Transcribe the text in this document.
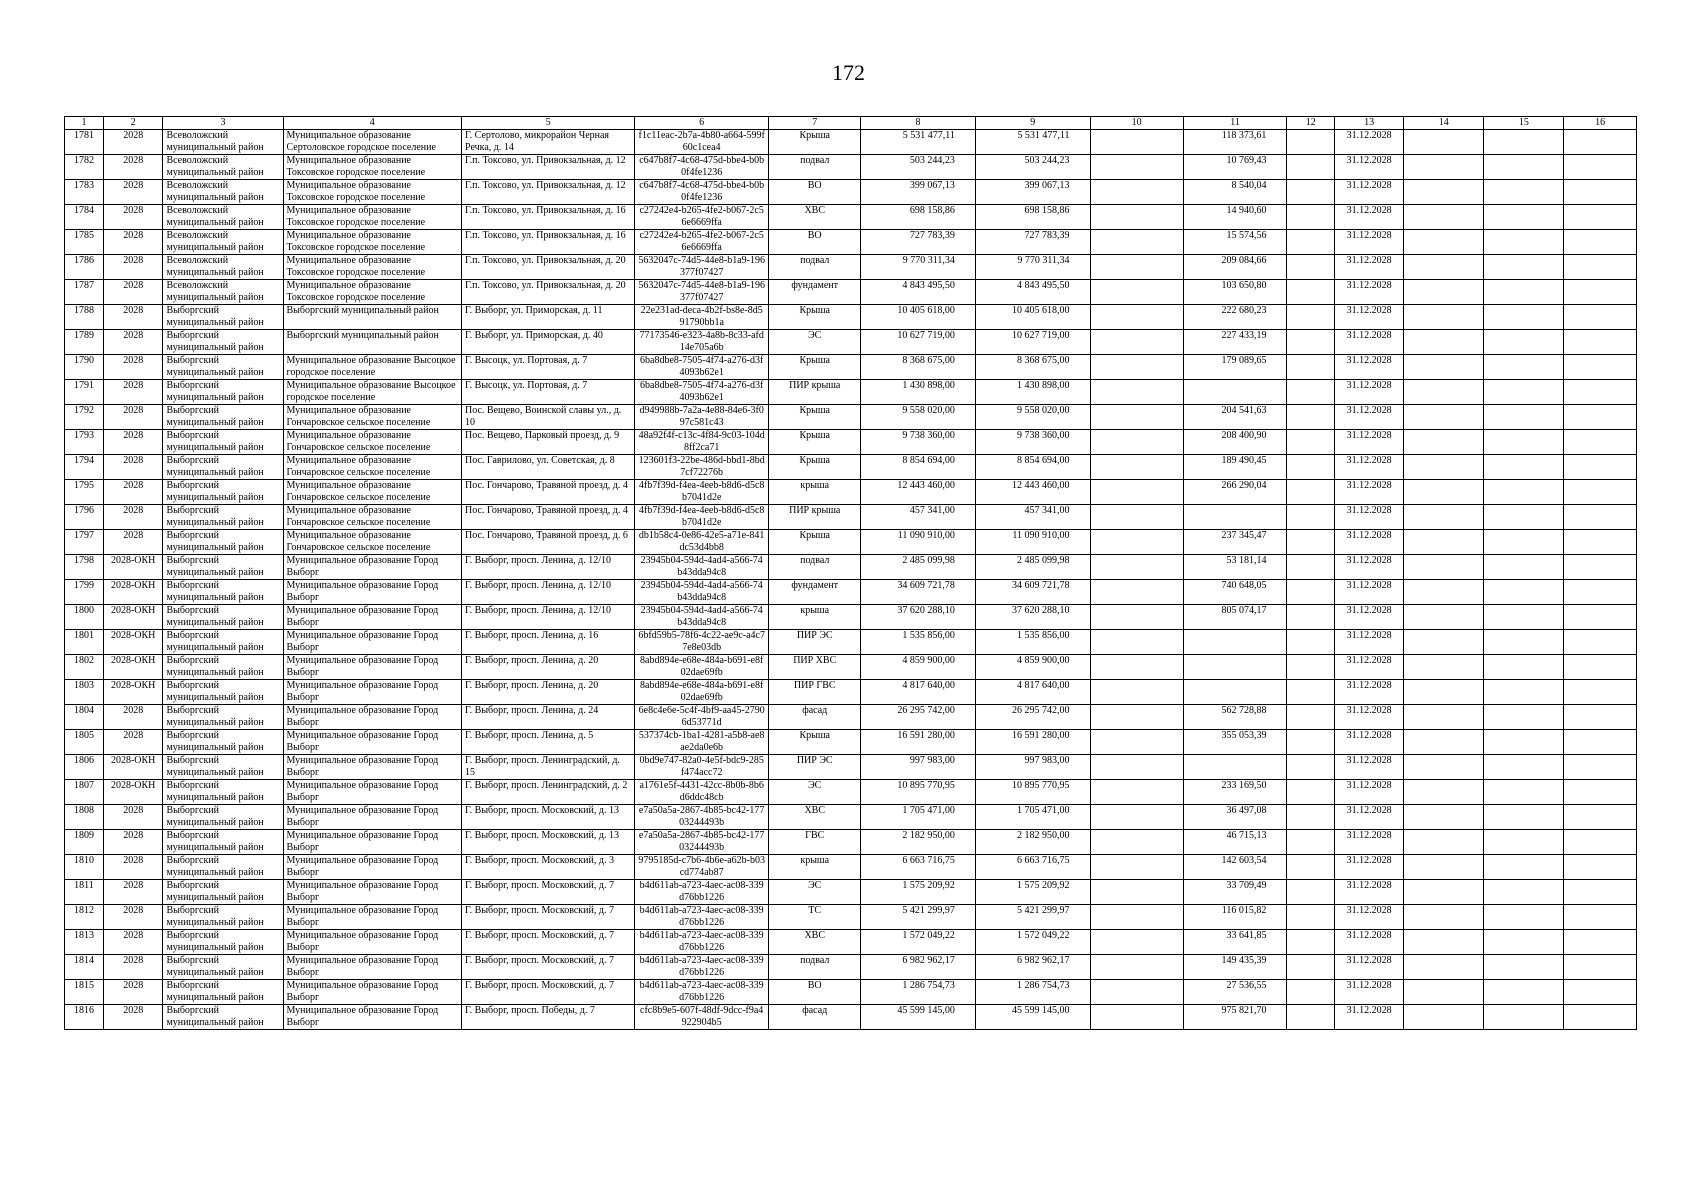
172
1	2	3	4	5	6	7	8	9	10	11	12	13	14	15	16
1781	2028	Всеволожский муниципальный район	Муниципальное образование Сертоловское городское поселение	Г. Сертолово, микрорайон Черная Речка, д. 14	f1c11eac-2b7a-4b80-a664-599f60c1cea4	Крыша	5 531 477,11	5 531 477,11		118 373,61		31.12.2028			
1782	2028	Всеволожский муниципальный район	Муниципальное образование Токсовское городское поселение	Г.п. Токсово, ул. Привокзальная, д. 12	c647b8f7-4c68-475d-bbe4-b0b0f4fe1236	подвал	503 244,23	503 244,23		10 769,43		31.12.2028			
1783	2028	Всеволожский муниципальный район	Муниципальное образование Токсовское городское поселение	Г.п. Токсово, ул. Привокзальная, д. 12	c647b8f7-4c68-475d-bbe4-b0b0f4fe1236	ВО	399 067,13	399 067,13		8 540,04		31.12.2028			
1784	2028	Всеволожский муниципальный район	Муниципальное образование Токсовское городское поселение	Г.п. Токсово, ул. Привокзальная, д. 16	c27242e4-b265-4fe2-b067-2c56e6669ffa	ХВС	698 158,86	698 158,86		14 940,60		31.12.2028			
1785	2028	Всеволожский муниципальный район	Муниципальное образование Токсовское городское поселение	Г.п. Токсово, ул. Привокзальная, д. 16	c27242e4-b265-4fe2-b067-2c56e6669ffa	ВО	727 783,39	727 783,39		15 574,56		31.12.2028			
1786	2028	Всеволожский муниципальный район	Муниципальное образование Токсовское городское поселение	Г.п. Токсово, ул. Привокзальная, д. 20	5632047c-74d5-44e8-b1a9-196377f07427	подвал	9 770 311,34	9 770 311,34		209 084,66		31.12.2028			
1787	2028	Всеволожский муниципальный район	Муниципальное образование Токсовское городское поселение	Г.п. Токсово, ул. Привокзальная, д. 20	5632047c-74d5-44e8-b1a9-196377f07427	фундамент	4 843 495,50	4 843 495,50		103 650,80		31.12.2028			
1788	2028	Выборгский муниципальный район	Выборгский муниципальный район	Г. Выборг, ул. Приморская, д. 11	22e231ad-deca-4b2f-bs8e-8d591790bb1a	Крыша	10 405 618,00	10 405 618,00		222 680,23		31.12.2028			
1789	2028	Выборгский муниципальный район	Выборгский муниципальный район	Г. Выборг, ул. Приморская, д. 40	77173546-e323-4a8b-8c33-afd14e705a6b	ЭС	10 627 719,00	10 627 719,00		227 433,19		31.12.2028			
1790	2028	Выборгский муниципальный район	Муниципальное образование Высоцкое городское поселение	Г. Высоцк, ул. Портовая, д. 7	6ba8dbe8-7505-4f74-a276-d3f4093b62e1	Крыша	8 368 675,00	8 368 675,00		179 089,65		31.12.2028			
1791	2028	Выборгский муниципальный район	Муниципальное образование Высоцкое городское поселение	Г. Высоцк, ул. Портовая, д. 7	6ba8dbe8-7505-4f74-a276-d3f4093b62e1	ПИР крыша	1 430 898,00	1 430 898,00				31.12.2028			
1792	2028	Выборгский муниципальный район	Муниципальное образование Гончаровское сельское поселение	Пос. Вещево, Воинской славы ул., д. 10	d949988b-7a2a-4e88-84e6-3f097c581c43	Крыша	9 558 020,00	9 558 020,00		204 541,63		31.12.2028			
1793	2028	Выборгский муниципальный район	Муниципальное образование Гончаровское сельское поселение	Пос. Вещево, Парковый проезд, д. 9	48a92f4f-c13c-4f84-9c03-104d8ff2ca71	Крыша	9 738 360,00	9 738 360,00		208 400,90		31.12.2028			
1794	2028	Выборгский муниципальный район	Муниципальное образование Гончаровское сельское поселение	Пос. Гаврилово, ул. Советская, д. 8	123601f3-22be-486d-bbd1-8bd7cf72276b	Крыша	8 854 694,00	8 854 694,00		189 490,45		31.12.2028			
1795	2028	Выборгский муниципальный район	Муниципальное образование Гончаровское сельское поселение	Пос. Гончарово, Травяной проезд, д. 4	4fb7f39d-f4ea-4eeb-b8d6-d5c8b7041d2e	крыша	12 443 460,00	12 443 460,00		266 290,04		31.12.2028			
1796	2028	Выборгский муниципальный район	Муниципальное образование Гончаровское сельское поселение	Пос. Гончарово, Травяной проезд, д. 4	4fb7f39d-f4ea-4eeb-b8d6-d5c8b7041d2e	ПИР крыша	457 341,00	457 341,00				31.12.2028			
1797	2028	Выборгский муниципальный район	Муниципальное образование Гончаровское сельское поселение	Пос. Гончарово, Травяной проезд, д. 6	db1b58c4-0e86-42e5-a71e-841dc53d4bb8	Крыша	11 090 910,00	11 090 910,00		237 345,47		31.12.2028			
1798	2028-ОКН	Выборгский муниципальный район	Муниципальное образование Город Выборг	Г. Выборг, просп. Ленина, д. 12/10	23945b04-594d-4ad4-a566-74b43dda94c8	подвал	2 485 099,98	2 485 099,98		53 181,14		31.12.2028			
1799	2028-ОКН	Выборгский муниципальный район	Муниципальное образование Город Выборг	Г. Выборг, просп. Ленина, д. 12/10	23945b04-594d-4ad4-a566-74b43dda94c8	фундамент	34 609 721,78	34 609 721,78		740 648,05		31.12.2028			
1800	2028-ОКН	Выборгский муниципальный район	Муниципальное образование Город Выборг	Г. Выборг, просп. Ленина, д. 12/10	23945b04-594d-4ad4-a566-74b43dda94c8	крыша	37 620 288,10	37 620 288,10		805 074,17		31.12.2028			
1801	2028-ОКН	Выборгский муниципальный район	Муниципальное образование Город Выборг	Г. Выборг, просп. Ленина, д. 16	6bfd59b5-78f6-4c22-ae9c-a4c77e8e03db	ПИР ЭС	1 535 856,00	1 535 856,00				31.12.2028			
1802	2028-ОКН	Выборгский муниципальный район	Муниципальное образование Город Выборг	Г. Выборг, просп. Ленина, д. 20	8abd894e-e68e-484a-b691-e8f02dae69fb	ПИР ХВС	4 859 900,00	4 859 900,00				31.12.2028			
1803	2028-ОКН	Выборгский муниципальный район	Муниципальное образование Город Выборг	Г. Выборг, просп. Ленина, д. 20	8abd894e-e68e-484a-b691-e8f02dae69fb	ПИР ГВС	4 817 640,00	4 817 640,00				31.12.2028			
1804	2028	Выборгский муниципальный район	Муниципальное образование Город Выборг	Г. Выборг, просп. Ленина, д. 24	6e8c4e6e-5c4f-4bf9-aa45-27906d53771d	фасад	26 295 742,00	26 295 742,00		562 728,88		31.12.2028			
1805	2028	Выборгский муниципальный район	Муниципальное образование Город Выборг	Г. Выборг, просп. Ленина, д. 5	537374cb-1ba1-4281-a5b8-ae8ae2da0e6b	Крыша	16 591 280,00	16 591 280,00		355 053,39		31.12.2028			
1806	2028-ОКН	Выборгский муниципальный район	Муниципальное образование Город Выборг	Г. Выборг, просп. Ленинградский, д. 15	0bd9e747-82a0-4e5f-bdc9-285f474acc72	ПИР ЭС	997 983,00	997 983,00				31.12.2028			
1807	2028-ОКН	Выборгский муниципальный район	Муниципальное образование Город Выборг	Г. Выборг, просп. Ленинградский, д. 2	a1761e5f-4431-42cc-8b0b-8b6d6ddc48cb	ЭС	10 895 770,95	10 895 770,95		233 169,50		31.12.2028			
1808	2028	Выборгский муниципальный район	Муниципальное образование Город Выборг	Г. Выборг, просп. Московский, д. 13	e7a50a5a-2867-4b85-bc42-17703244493b	ХВС	1 705 471,00	1 705 471,00		36 497,08		31.12.2028			
1809	2028	Выборгский муниципальный район	Муниципальное образование Город Выборг	Г. Выборг, просп. Московский, д. 13	e7a50a5a-2867-4b85-bc42-17703244493b	ГВС	2 182 950,00	2 182 950,00		46 715,13		31.12.2028			
1810	2028	Выборгский муниципальный район	Муниципальное образование Город Выборг	Г. Выборг, просп. Московский, д. 3	9795185d-c7b6-4b6e-a62b-b03cd774ab87	крыша	6 663 716,75	6 663 716,75		142 603,54		31.12.2028			
1811	2028	Выборгский муниципальный район	Муниципальное образование Город Выборг	Г. Выборг, просп. Московский, д. 7	b4d611ab-a723-4aec-ac08-339d76bb1226	ЭС	1 575 209,92	1 575 209,92		33 709,49		31.12.2028			
1812	2028	Выборгский муниципальный район	Муниципальное образование Город Выборг	Г. Выборг, просп. Московский, д. 7	b4d611ab-a723-4aec-ac08-339d76bb1226	ТС	5 421 299,97	5 421 299,97		116 015,82		31.12.2028			
1813	2028	Выборгский муниципальный район	Муниципальное образование Город Выборг	Г. Выборг, просп. Московский, д. 7	b4d611ab-a723-4aec-ac08-339d76bb1226	ХВС	1 572 049,22	1 572 049,22		33 641,85		31.12.2028			
1814	2028	Выборгский муниципальный район	Муниципальное образование Город Выборг	Г. Выборг, просп. Московский, д. 7	b4d611ab-a723-4aec-ac08-339d76bb1226	подвал	6 982 962,17	6 982 962,17		149 435,39		31.12.2028			
1815	2028	Выборгский муниципальный район	Муниципальное образование Город Выборг	Г. Выборг, просп. Московский, д. 7	b4d611ab-a723-4aec-ac08-339d76bb1226	ВО	1 286 754,73	1 286 754,73		27 536,55		31.12.2028			
1816	2028	Выборгский муниципальный район	Муниципальное образование Город Выборг	Г. Выборг, просп. Победы, д. 7	cfc8b9e5-607f-48df-9dcc-f9a4922904b5	фасад	45 599 145,00	45 599 145,00		975 821,70		31.12.2028			
